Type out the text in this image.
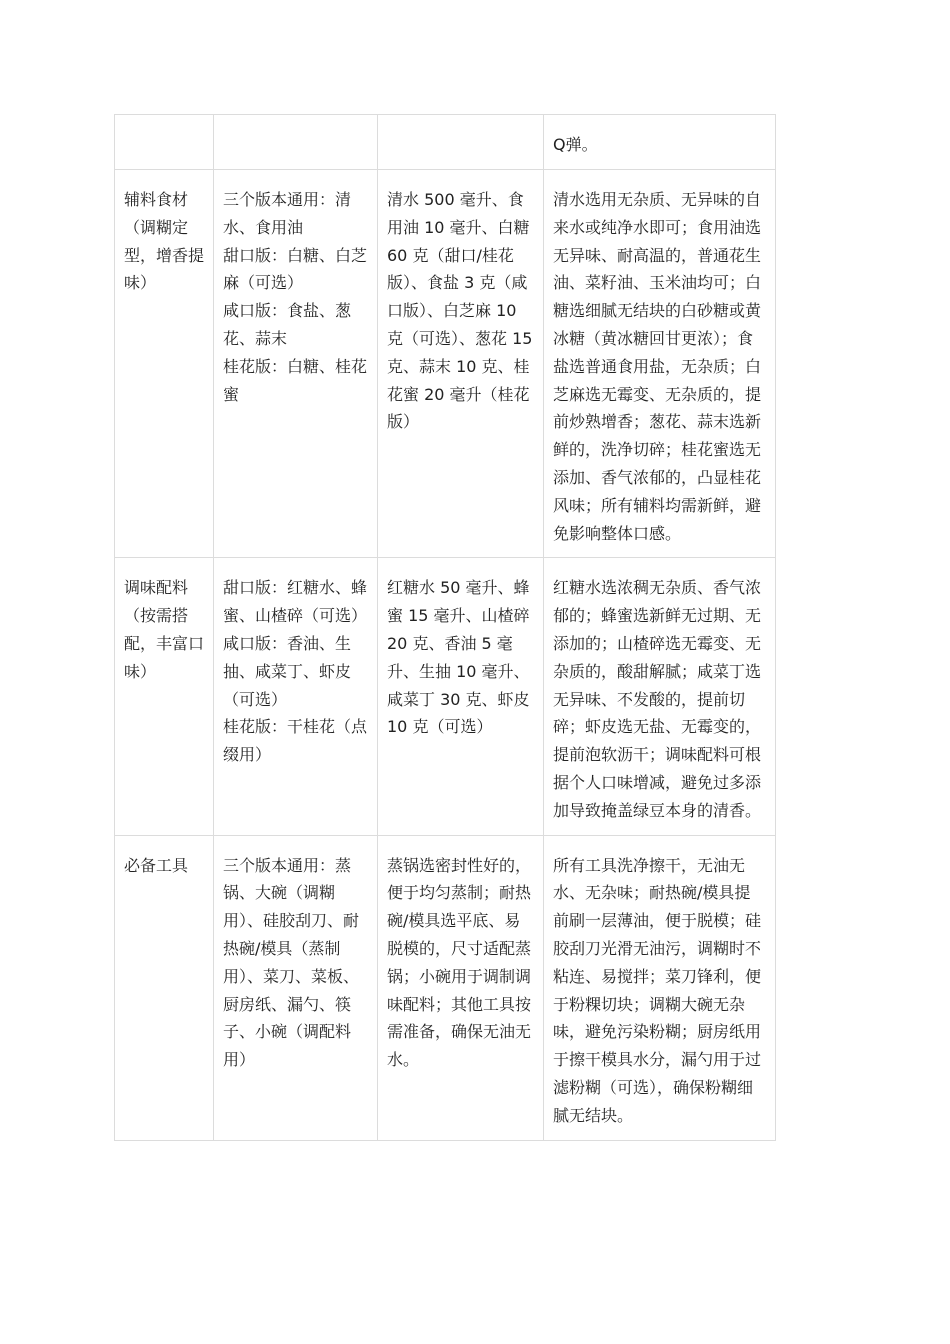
			Q弹。
辅料食材（调糊定型，增香提味）	三个版本通用：清水、食用油
甜口版：白糖、白芝麻（可选）
咸口版：食盐、葱花、蒜末
桂花版：白糖、桂花蜜	清水 500 毫升、食用油 10 毫升、白糖 60 克（甜口/桂花版）、食盐 3 克（咸口版）、白芝麻 10 克（可选）、葱花 15 克、蒜末 10 克、桂花蜜 20 毫升（桂花版）	清水选用无杂质、无异味的自来水或纯净水即可；食用油选无异味、耐高温的，普通花生油、菜籽油、玉米油均可；白糖选细腻无结块的白砂糖或黄冰糖（黄冰糖回甘更浓）；食盐选普通食用盐，无杂质；白芝麻选无霉变、无杂质的，提前炒熟增香；葱花、蒜末选新鲜的，洗净切碎；桂花蜜选无添加、香气浓郁的，凸显桂花风味；所有辅料均需新鲜，避免影响整体口感。
调味配料（按需搭配，丰富口味）	甜口版：红糖水、蜂蜜、山楂碎（可选）
咸口版：香油、生抽、咸菜丁、虾皮（可选）
桂花版：干桂花（点缀用）	红糖水 50 毫升、蜂蜜 15 毫升、山楂碎 20 克、香油 5 毫升、生抽 10 毫升、咸菜丁 30 克、虾皮 10 克（可选）	红糖水选浓稠无杂质、香气浓郁的；蜂蜜选新鲜无过期、无添加的；山楂碎选无霉变、无杂质的，酸甜解腻；咸菜丁选无异味、不发酸的，提前切碎；虾皮选无盐、无霉变的，提前泡软沥干；调味配料可根据个人口味增减，避免过多添加导致掩盖绿豆本身的清香。
必备工具	三个版本通用：蒸锅、大碗（调糊用）、硅胶刮刀、耐热碗/模具（蒸制用）、菜刀、菜板、厨房纸、漏勺、筷子、小碗（调配料用）	蒸锅选密封性好的，便于均匀蒸制；耐热碗/模具选平底、易脱模的，尺寸适配蒸锅；小碗用于调制调味配料；其他工具按需准备，确保无油无水。	所有工具洗净擦干，无油无水、无杂味；耐热碗/模具提前刷一层薄油，便于脱模；硅胶刮刀光滑无油污，调糊时不粘连、易搅拌；菜刀锋利，便于粉粿切块；调糊大碗无杂味，避免污染粉糊；厨房纸用于擦干模具水分，漏勺用于过滤粉糊（可选），确保粉糊细腻无结块。
